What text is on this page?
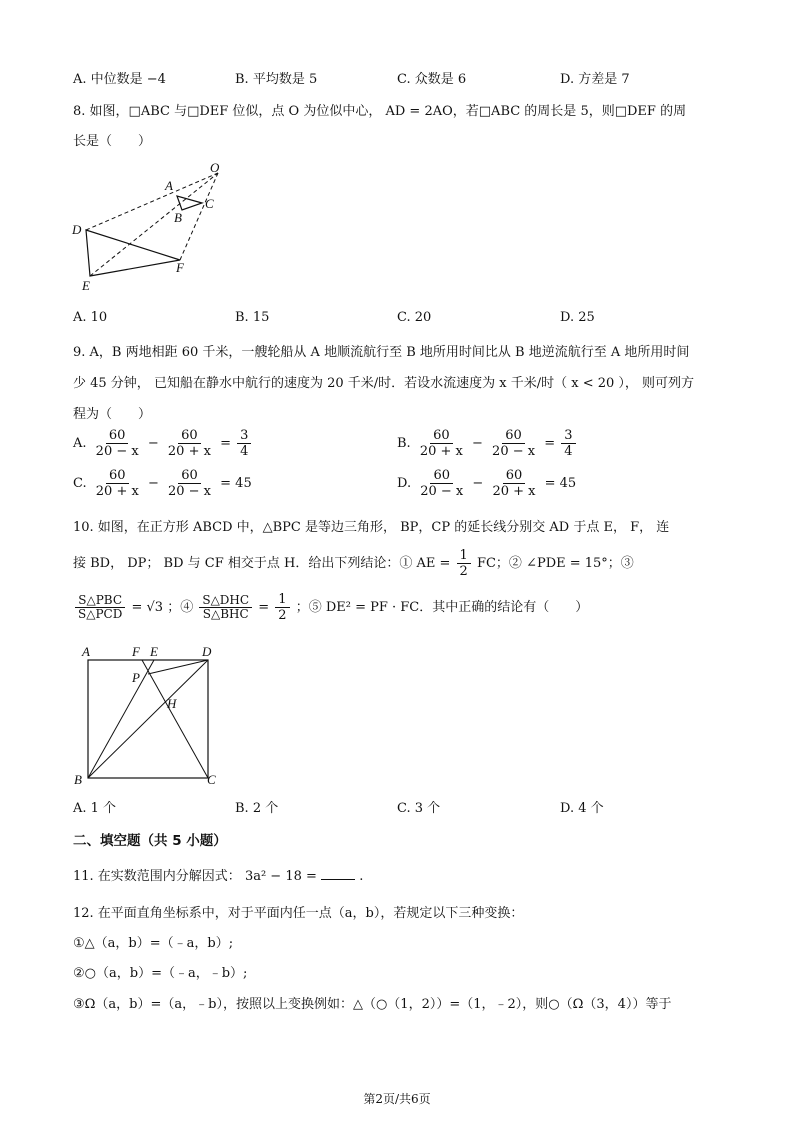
A. 中位数是 −4	B. 平均数是 5	C. 众数是 6	D. 方差是 7
8. 如图，□ABC 与□DEF 位似，点 O 为位似中心， AD = 2AO，若□ABC 的周长是 5，则□DEF 的周
长是（　　）
O
A
B
C
D
F
E
A. 10	B. 15	C. 20	D. 25
9. A，B 两地相距 60 千米，一艘轮船从 A 地顺流航行至 B 地所用时间比从 B 地逆流航行至 A 地所用时间
少 45 分钟， 已知船在静水中航行的速度为 20 千米/时．若设水流速度为 x 千米/时（ x < 20 ）， 则可列方
程为（　　）
A. $\frac{60}{20 - x} - \frac{60}{20 + x} = \frac{3}{4}$	B. $\frac{60}{20 + x} - \frac{60}{20 - x} = \frac{3}{4}$
C. $\frac{60}{20 + x} - \frac{60}{20 - x} = 45$	D. $\frac{60}{20 - x} - \frac{60}{20 + x} = 45$
10. 如图，在正方形 ABCD 中，△BPC 是等边三角形， BP，CP 的延长线分别交 AD 于点 E， F， 连
接 BD， DP； BD 与 CF 相交于点 H．给出下列结论：① AE = $\frac{1}{2}$ FC；② ∠PDE = 15°；③
$\frac{\text{S△PBC}}{\text{S△PCD}} = √3$ ；④ $\frac{\text{S△DHC}}{\text{S△BHC}} = \frac{1}{2}$ ；⑤ DE² = PF · FC．其中正确的结论有（　　）
A	F E	D
P
H
B	C
A. 1 个	B. 2 个	C. 3 个	D. 4 个
二、填空题（共 5 小题）
11. 在实数范围内分解因式： 3a² − 18 =	.
12. 在平面直角坐标系中，对于平面内任一点（a，b），若规定以下三种变换：
①△（a，b）=（﹣a，b）;
②○（a，b）=（﹣a，﹣b）;
③Ω（a，b）=（a，﹣b），按照以上变换例如：△（○（1，2））=（1，﹣2），则○（Ω（3，4））等于
第2页/共6页
